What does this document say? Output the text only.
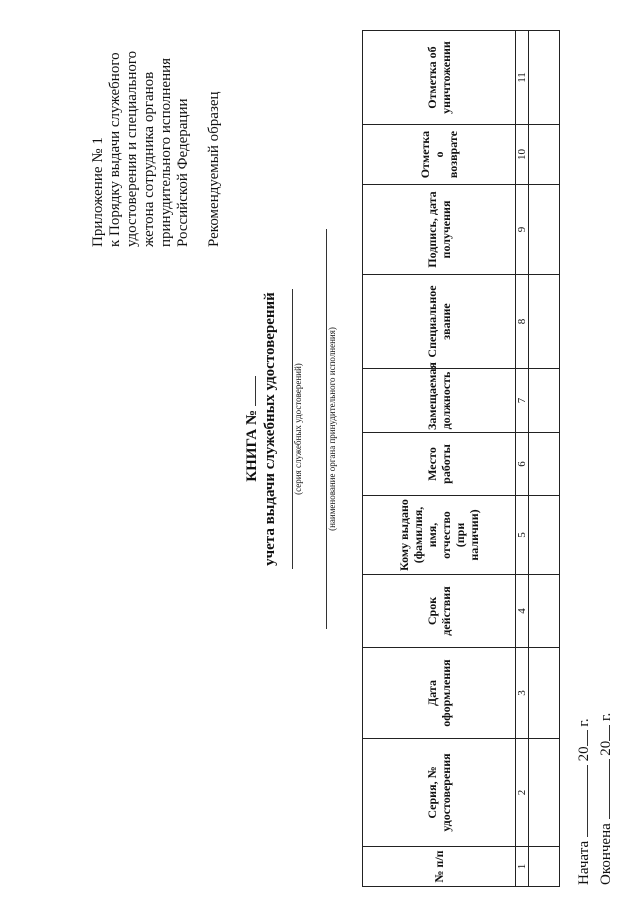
Приложение № 1 к Порядку выдачи служебного удостоверения и специального жетона сотрудника органов принудительного исполнения Российской Федерации Рекомендуемый образец
КНИГА № учета выдачи служебных удостоверений (серия служебных удостоверений)	(наименование органа принудительного исполнения)
№ п/п	Серия, № удостоверения	Дата оформления	Срок действия	Кому выдано (фамилия, имя, отчество (при наличии)	Место работы	Замещаемая должность	Специальное звание	Подпись, дата получения	Отметка о возврате	Отметка об уничтожении
1	2	3	4	5	6	7	8	9	10	11

Начата  20 г.
Окончена  20 г.
